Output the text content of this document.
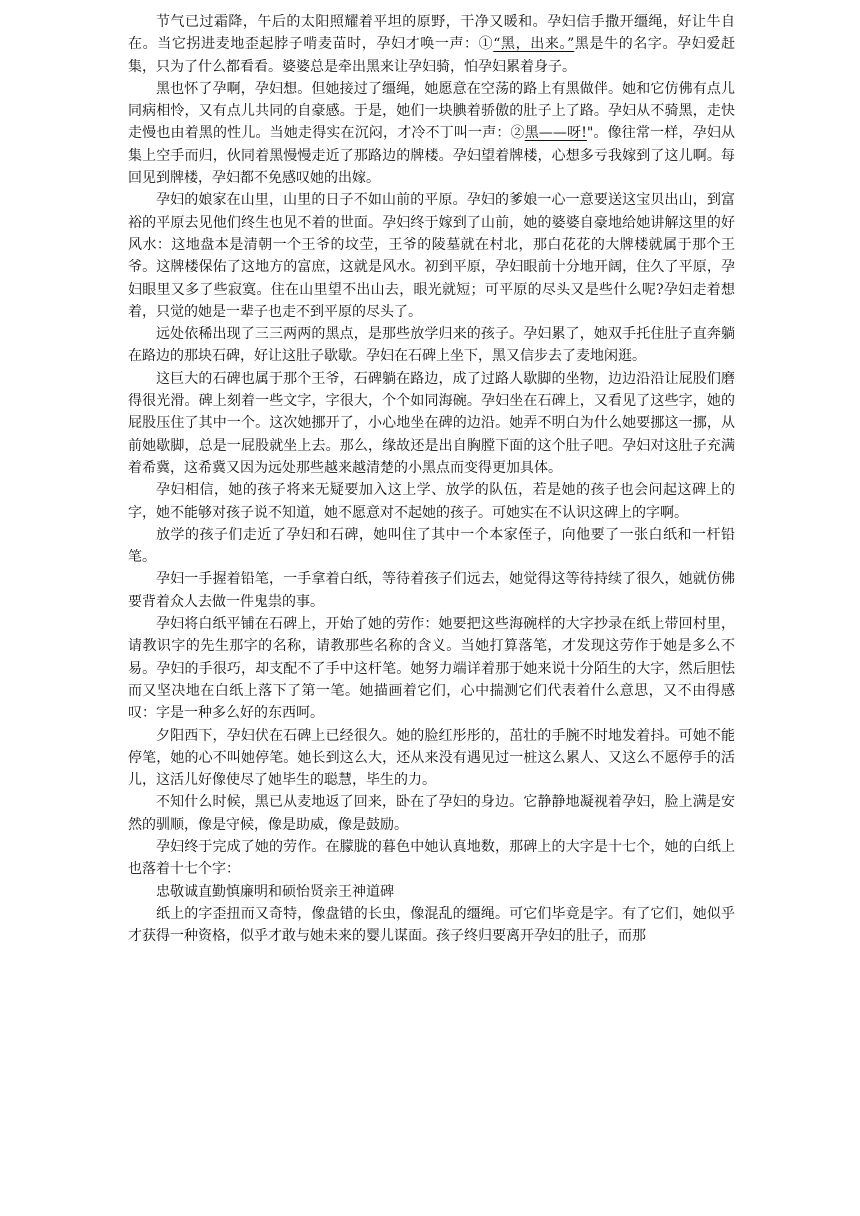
节气已过霜降，午后的太阳照耀着平坦的原野，干净又暖和。孕妇信手撒开缰绳，好让牛自在。当它拐进麦地歪起脖子啃麦苗时，孕妇才唤一声：①“黑，出来。”黑是牛的名字。孕妇爱赶集，只为了什么都看看。婆婆总是牵出黑来让孕妇骑，怕孕妇累着身子。

黑也怀了孕啊，孕妇想。但她接过了缰绳，她愿意在空荡的路上有黑做伴。她和它仿佛有点儿同病相怜，又有点儿共同的自豪感。于是，她们一块腆着骄傲的肚子上了路。孕妇从不骑黑，走快走慢也由着黑的性儿。当她走得实在沉闷，才冷不丁叫一声：②黑——呀!"。像往常一样，孕妇从集上空手而归，伙同着黑慢慢走近了那路边的牌楼。孕妇望着牌楼，心想多亏我嫁到了这儿啊。每回见到牌楼，孕妇都不免感叹她的出嫁。

孕妇的娘家在山里，山里的日子不如山前的平原。孕妇的爹娘一心一意要送这宝贝出山，到富裕的平原去见他们终生也见不着的世面。孕妇终于嫁到了山前，她的婆婆自豪地给她讲解这里的好风水：这地盘本是清朝一个王爷的坟茔，王爷的陵墓就在村北，那白花花的大牌楼就属于那个王爷。这牌楼保佑了这地方的富庶，这就是风水。初到平原，孕妇眼前十分地开阔，住久了平原，孕妇眼里又多了些寂寞。住在山里望不出山去，眼光就短；可平原的尽头又是些什么呢?孕妇走着想着，只觉的她是一辈子也走不到平原的尽头了。

远处依稀出现了三三两两的黑点，是那些放学归来的孩子。孕妇累了，她双手托住肚子直奔躺在路边的那块石碑，好让这肚子歇歇。孕妇在石碑上坐下，黑又信步去了麦地闲逛。

这巨大的石碑也属于那个王爷，石碑躺在路边，成了过路人歇脚的坐物，边边沿沿让屁股们磨得很光滑。碑上刻着一些文字，字很大，个个如同海碗。孕妇坐在石碑上，又看见了这些字，她的屁股压住了其中一个。这次她挪开了，小心地坐在碑的边沿。她弄不明白为什么她要挪这一挪，从前她歇脚，总是一屁股就坐上去。那么，缘故还是出自胸膛下面的这个肚子吧。孕妇对这肚子充满着希冀，这希冀又因为远处那些越来越清楚的小黑点而变得更加具体。

孕妇相信，她的孩子将来无疑要加入这上学、放学的队伍，若是她的孩子也会问起这碑上的字，她不能够对孩子说不知道，她不愿意对不起她的孩子。可她实在不认识这碑上的字啊。

放学的孩子们走近了孕妇和石碑，她叫住了其中一个本家侄子，向他要了一张白纸和一杆铅笔。

孕妇一手握着铅笔，一手拿着白纸，等待着孩子们远去，她觉得这等待持续了很久，她就仿佛要背着众人去做一件鬼祟的事。

孕妇将白纸平铺在石碑上，开始了她的劳作：她要把这些海碗样的大字抄录在纸上带回村里，请教识字的先生那字的名称，请教那些名称的含义。当她打算落笔，才发现这劳作于她是多么不易。孕妇的手很巧，却支配不了手中这杆笔。她努力端详着那于她来说十分陌生的大字，然后胆怯而又坚决地在白纸上落下了第一笔。她描画着它们，心中揣测它们代表着什么意思，又不由得感叹：字是一种多么好的东西呵。

夕阳西下，孕妇伏在石碑上已经很久。她的脸红彤彤的，茁壮的手腕不时地发着抖。可她不能停笔，她的心不叫她停笔。她长到这么大，还从来没有遇见过一桩这么累人、又这么不愿停手的活儿，这活儿好像使尽了她毕生的聪慧，毕生的力。

不知什么时候，黑已从麦地返了回来，卧在了孕妇的身边。它静静地凝视着孕妇，脸上满是安然的驯顺，像是守候，像是助威，像是鼓励。

孕妇终于完成了她的劳作。在朦胧的暮色中她认真地数，那碑上的大字是十七个，她的白纸上也落着十七个字：

忠敬诚直勤慎廉明和硕怡贤亲王神道碑

纸上的字歪扭而又奇特，像盘错的长虫，像混乱的缰绳。可它们毕竟是字。有了它们，她似乎才获得一种资格，似乎才敢与她未来的婴儿谋面。孩子终归要离开孕妇的肚子，而那
